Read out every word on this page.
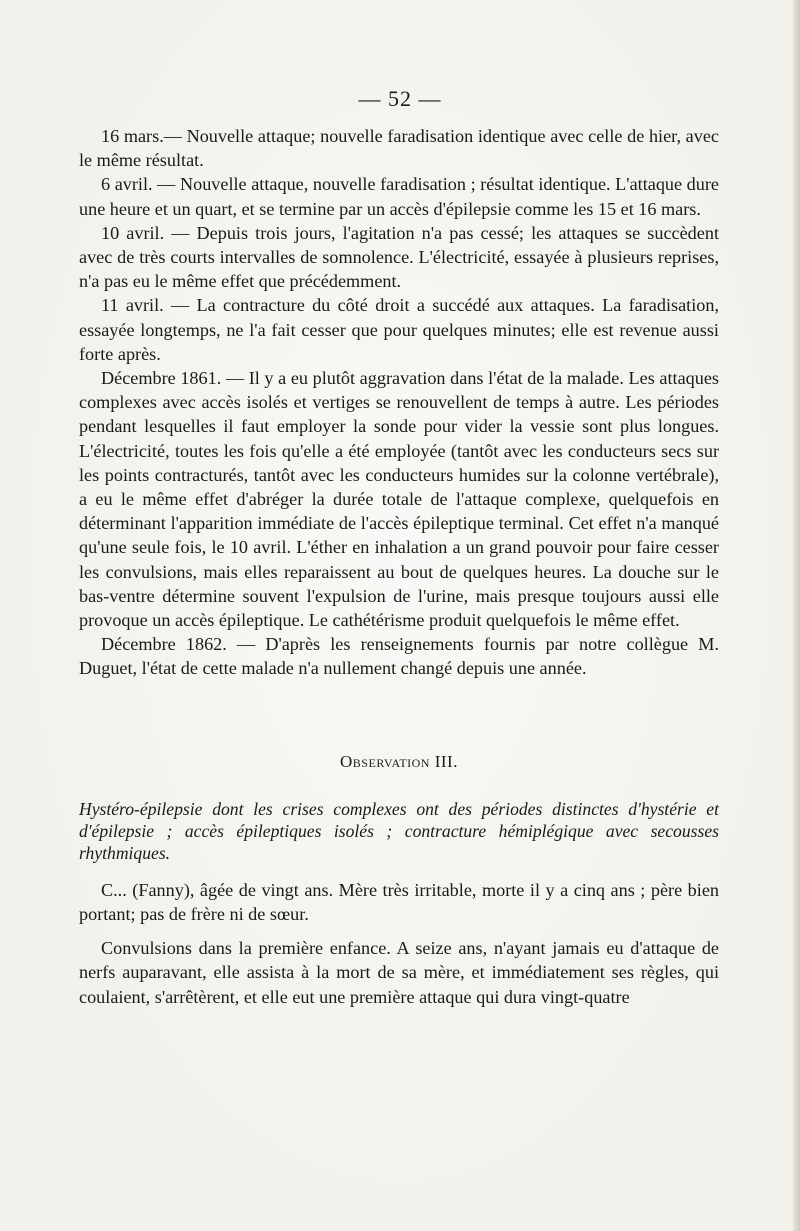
— 52 —

16 mars.— Nouvelle attaque; nouvelle faradisation identique avec celle de hier, avec le même résultat.

6 avril. — Nouvelle attaque, nouvelle faradisation ; résultat identique. L'attaque dure une heure et un quart, et se termine par un accès d'épilepsie comme les 15 et 16 mars.

10 avril. — Depuis trois jours, l'agitation n'a pas cessé; les attaques se succèdent avec de très courts intervalles de somnolence. L'électricité, essayée à plusieurs reprises, n'a pas eu le même effet que précédemment.

11 avril. — La contracture du côté droit a succédé aux attaques. La faradisation, essayée longtemps, ne l'a fait cesser que pour quelques minutes; elle est revenue aussi forte après.

Décembre 1861. — Il y a eu plutôt aggravation dans l'état de la malade. Les attaques complexes avec accès isolés et vertiges se renouvellent de temps à autre. Les périodes pendant lesquelles il faut employer la sonde pour vider la vessie sont plus longues. L'électricité, toutes les fois qu'elle a été employée (tantôt avec les conducteurs secs sur les points contracturés, tantôt avec les conducteurs humides sur la colonne vertébrale), a eu le même effet d'abréger la durée totale de l'attaque complexe, quelquefois en déterminant l'apparition immédiate de l'accès épileptique terminal. Cet effet n'a manqué qu'une seule fois, le 10 avril. L'éther en inhalation a un grand pouvoir pour faire cesser les convulsions, mais elles reparaissent au bout de quelques heures. La douche sur le bas-ventre détermine souvent l'expulsion de l'urine, mais presque toujours aussi elle provoque un accès épileptique. Le cathétérisme produit quelquefois le même effet.

Décembre 1862. — D'après les renseignements fournis par notre collègue M. Duguet, l'état de cette malade n'a nullement changé depuis une année.

Observation III.
Hystéro-épilepsie dont les crises complexes ont des périodes distinctes d'hystérie et d'épilepsie ; accès épileptiques isolés ; contracture hémiplégique avec secousses rhythmiques.

C... (Fanny), âgée de vingt ans. Mère très irritable, morte il y a cinq ans ; père bien portant; pas de frère ni de sœur.

Convulsions dans la première enfance. A seize ans, n'ayant jamais eu d'attaque de nerfs auparavant, elle assista à la mort de sa mère, et immédiatement ses règles, qui coulaient, s'arrêtèrent, et elle eut une première attaque qui dura vingt-quatre
